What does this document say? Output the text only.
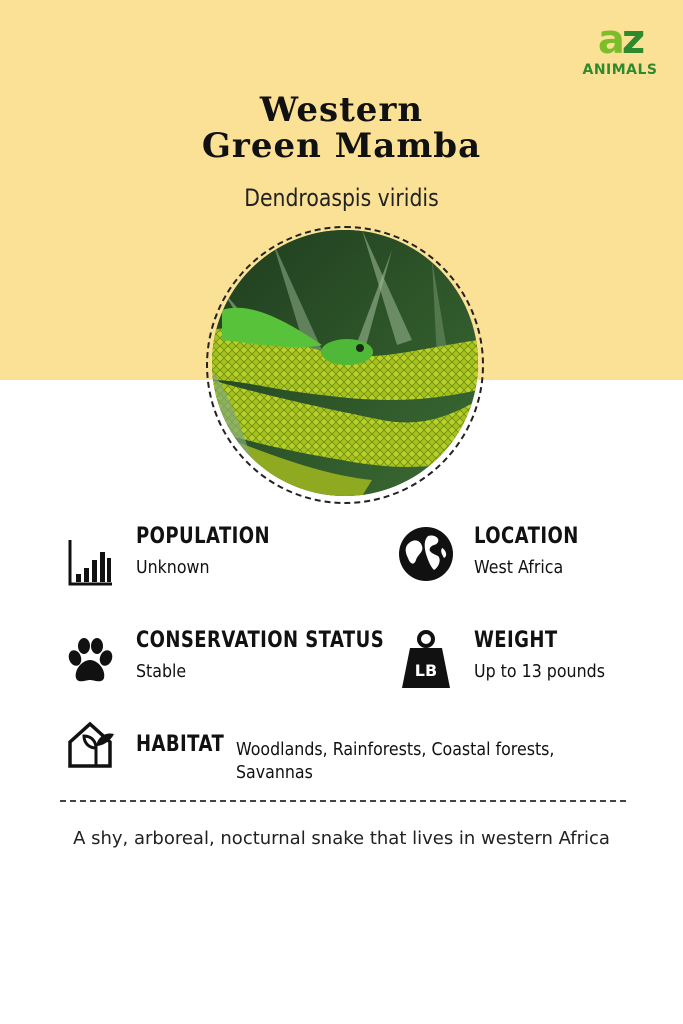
az
ANIMALS
Western
Green Mamba
Dendroaspis viridis
POPULATION
Unknown
LOCATION
West Africa
CONSERVATION STATUS
Stable	LB
WEIGHT
Up to 13 pounds
HABITAT Woodlands, Rainforests, Coastal forests, Savannas
A shy, arboreal, nocturnal snake that lives in western Africa
